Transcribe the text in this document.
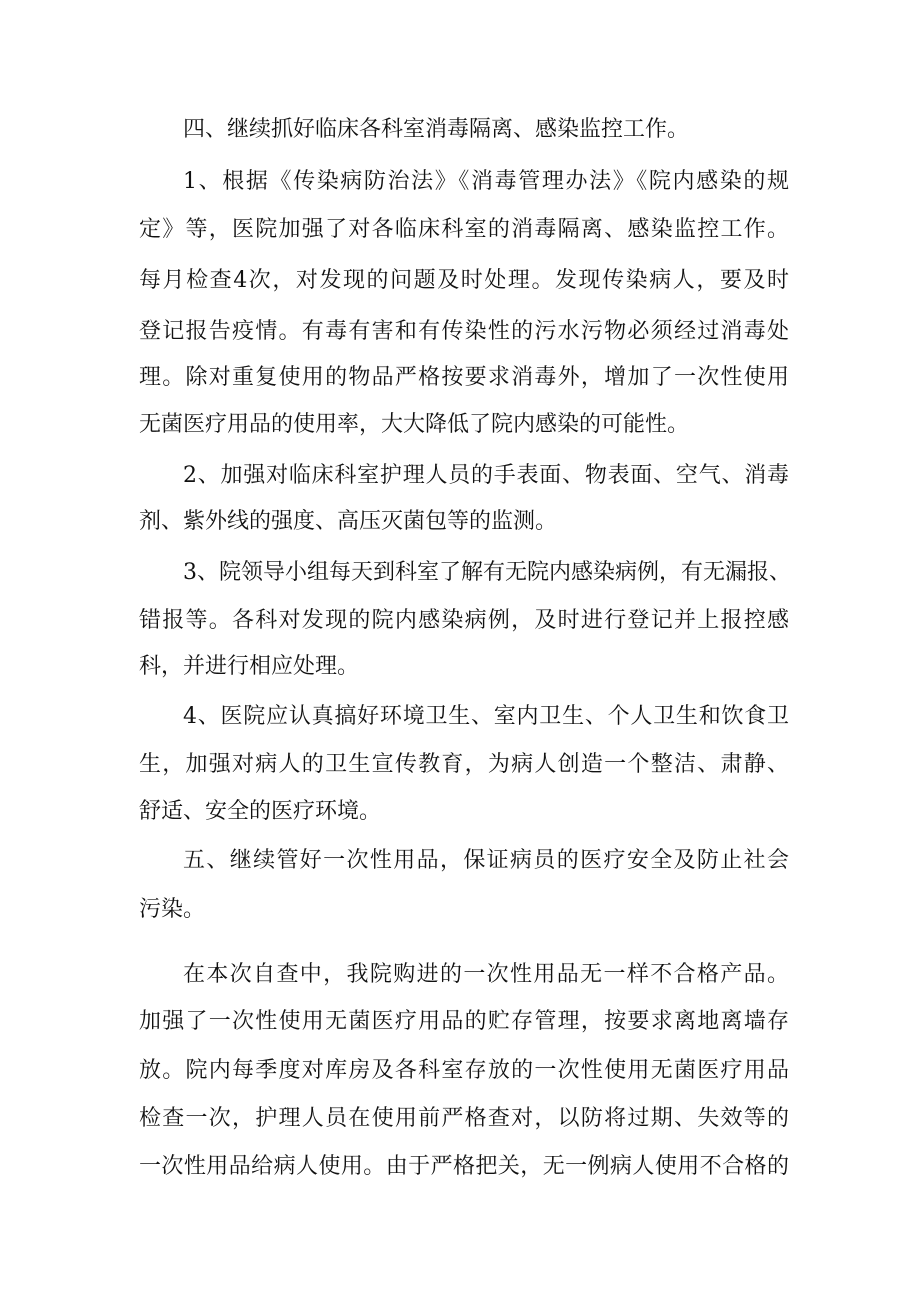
四、继续抓好临床各科室消毒隔离、感染监控工作。
1、根据《传染病防治法》《消毒管理办法》《院内感染的规
定》等，医院加强了对各临床科室的消毒隔离、感染监控工作。
每月检查4次，对发现的问题及时处理。发现传染病人，要及时
登记报告疫情。有毒有害和有传染性的污水污物必须经过消毒处
理。除对重复使用的物品严格按要求消毒外，增加了一次性使用
无菌医疗用品的使用率，大大降低了院内感染的可能性。
2、加强对临床科室护理人员的手表面、物表面、空气、消毒
剂、紫外线的强度、高压灭菌包等的监测。
3、院领导小组每天到科室了解有无院内感染病例，有无漏报、
错报等。各科对发现的院内感染病例，及时进行登记并上报控感
科，并进行相应处理。
4、医院应认真搞好环境卫生、室内卫生、个人卫生和饮食卫
生，加强对病人的卫生宣传教育，为病人创造一个整洁、肃静、
舒适、安全的医疗环境。
五、继续管好一次性用品，保证病员的医疗安全及防止社会
污染。
在本次自查中，我院购进的一次性用品无一样不合格产品。
加强了一次性使用无菌医疗用品的贮存管理，按要求离地离墙存
放。院内每季度对库房及各科室存放的一次性使用无菌医疗用品
检查一次，护理人员在使用前严格查对，以防将过期、失效等的
一次性用品给病人使用。由于严格把关，无一例病人使用不合格的
